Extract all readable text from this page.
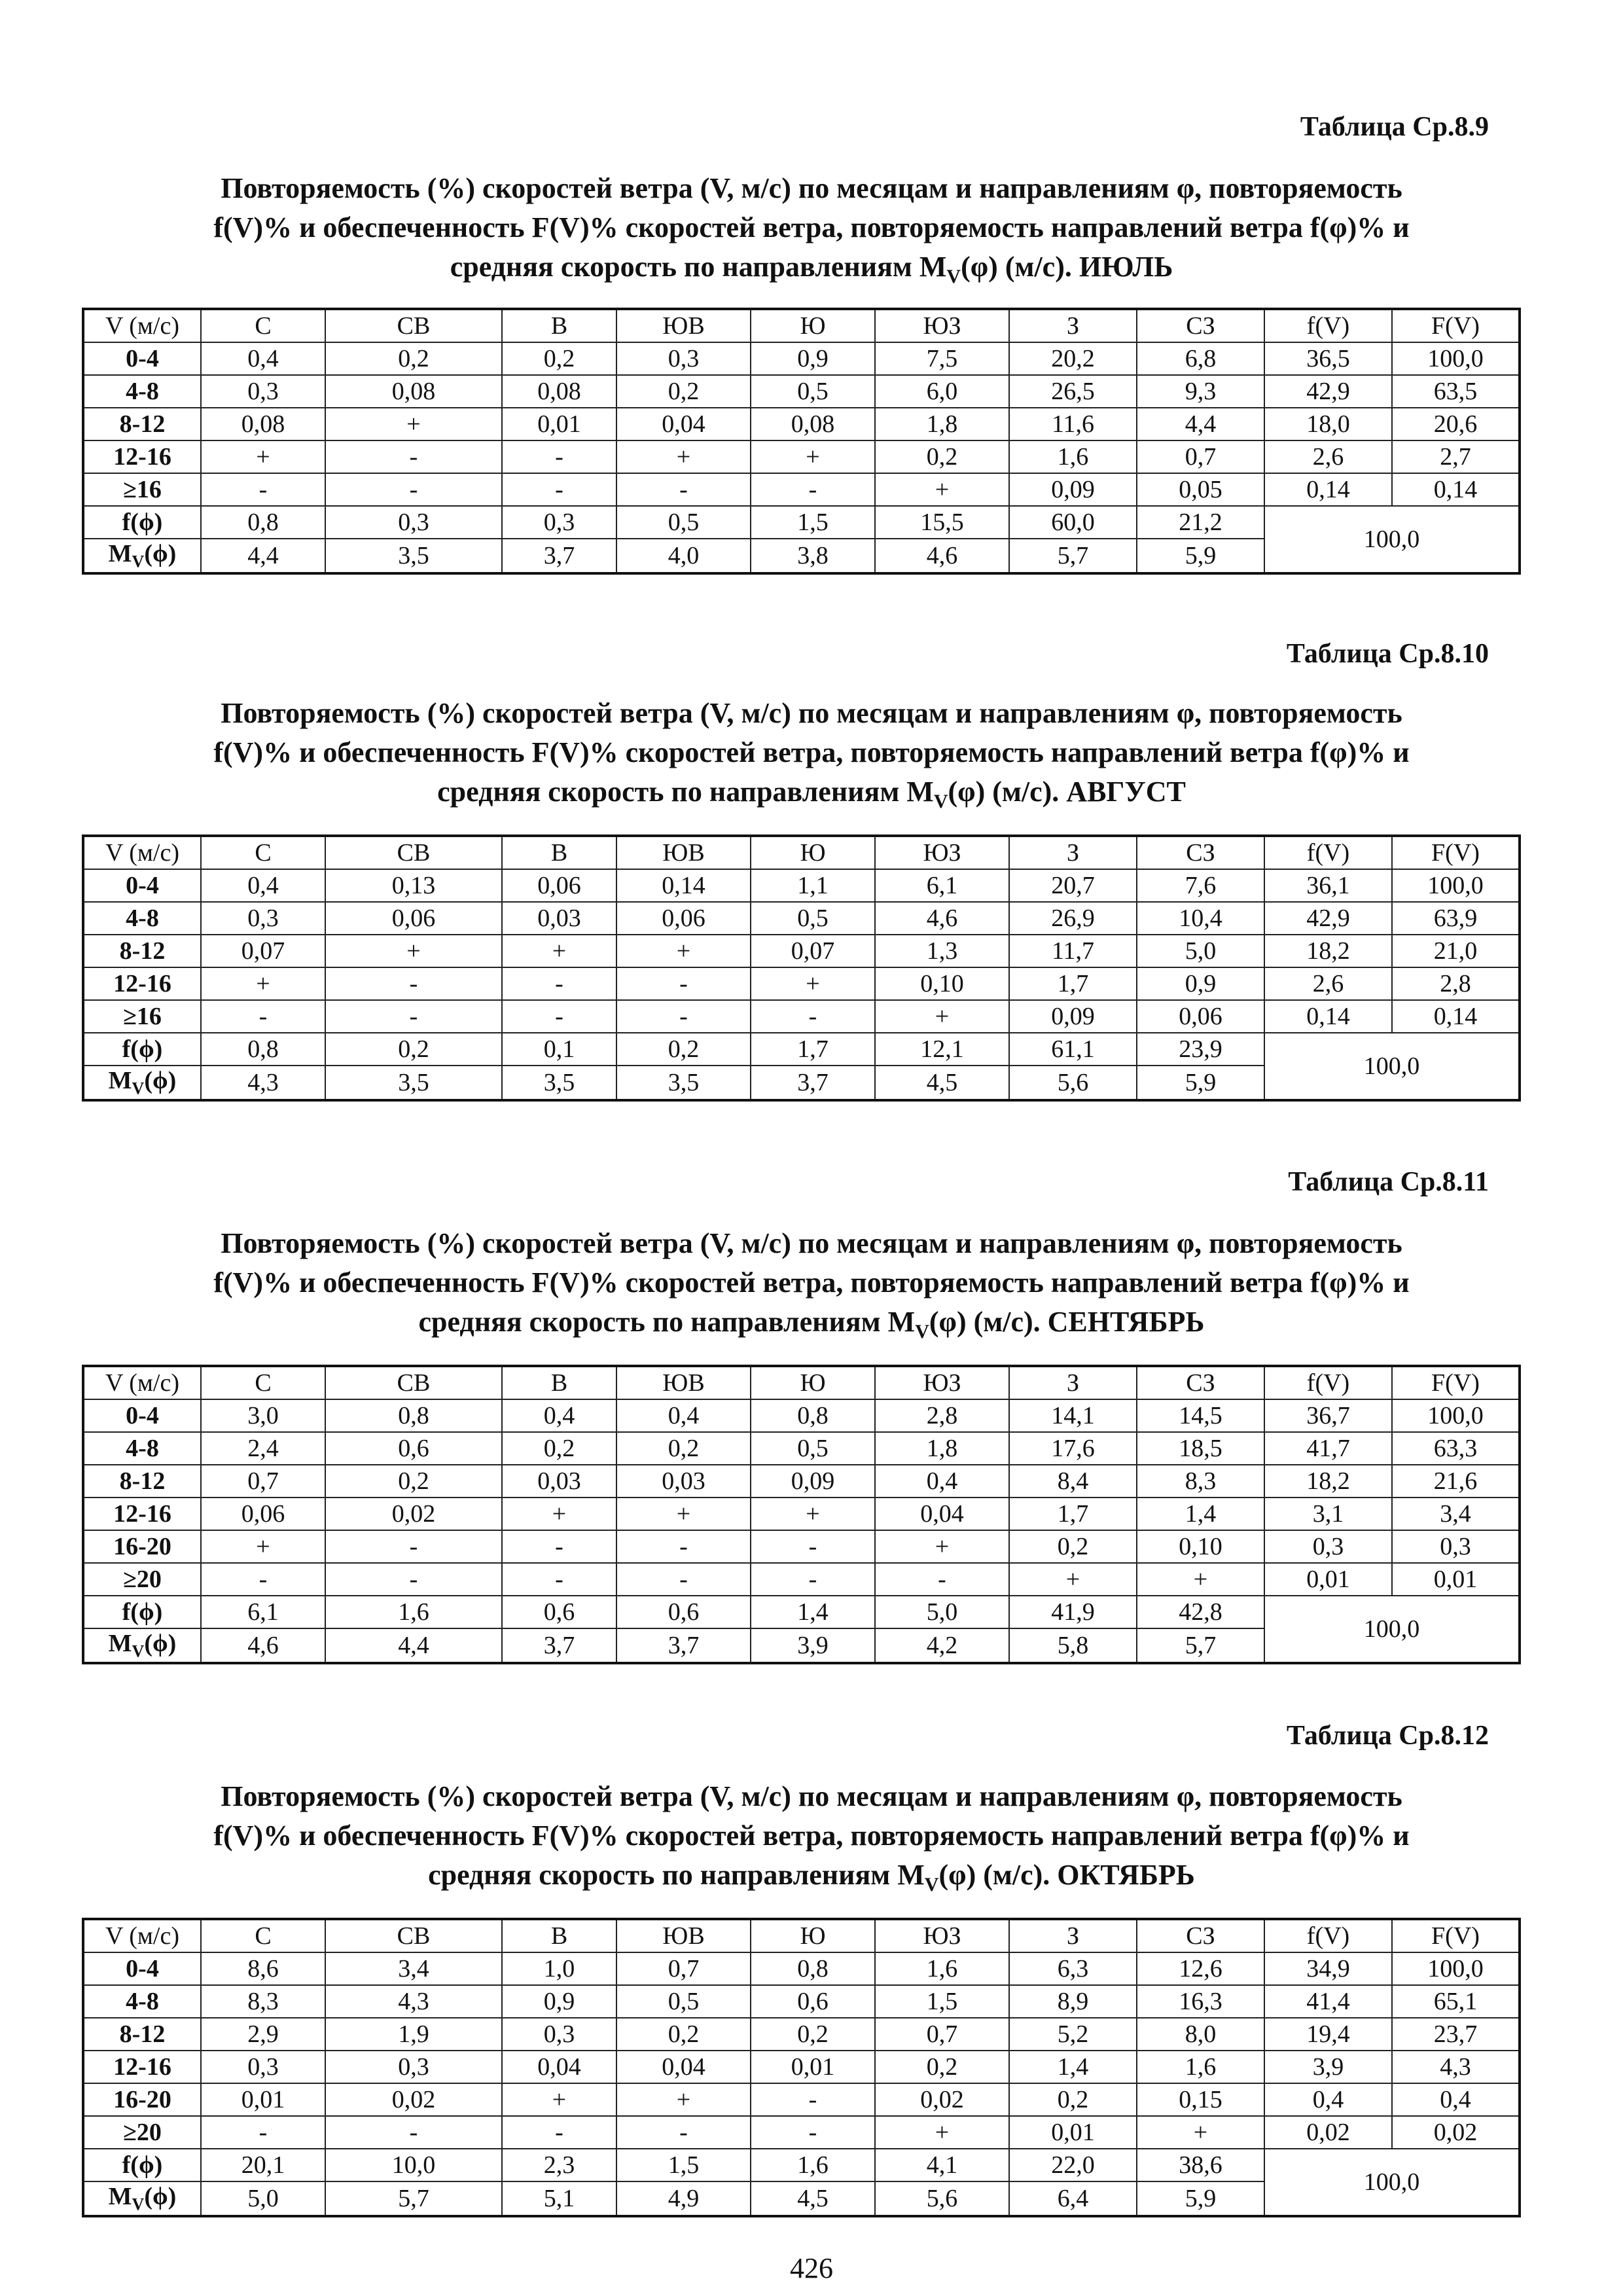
Таблица Ср.8.9
Повторяемость (%) скоростей ветра (V, м/с) по месяцам и направлениям φ, повторяемость
f(V)% и обеспеченность F(V)% скоростей ветра, повторяемость направлений ветра f(φ)% и
средняя скорость по направлениям $M_V(\varphi)$ (м/с). ИЮЛЬ
V (м/с)	С	СВ	В	ЮВ	Ю	ЮЗ	З	СЗ	f(V)	F(V)
0-4	0,4	0,2	0,2	0,3	0,9	7,5	20,2	6,8	36,5	100,0
4-8	0,3	0,08	0,08	0,2	0,5	6,0	26,5	9,3	42,9	63,5
8-12	0,08	+	0,01	0,04	0,08	1,8	11,6	4,4	18,0	20,6
12-16	+	-	-	+	+	0,2	1,6	0,7	2,6	2,7
≥16	-	-	-	-	-	+	0,09	0,05	0,14	0,14
f(ϕ)	0,8	0,3	0,3	0,5	1,5	15,5	60,0	21,2	100,0	
$M_V(\phi)$	4,4	3,5	3,7	4,0	3,8	4,6	5,7	5,9		
Таблица Ср.8.10
Повторяемость (%) скоростей ветра (V, м/с) по месяцам и направлениям φ, повторяемость
f(V)% и обеспеченность F(V)% скоростей ветра, повторяемость направлений ветра f(φ)% и
средняя скорость по направлениям $M_V(\varphi)$ (м/с). АВГУСТ
V (м/с)	С	СВ	В	ЮВ	Ю	ЮЗ	З	СЗ	f(V)	F(V)
0-4	0,4	0,13	0,06	0,14	1,1	6,1	20,7	7,6	36,1	100,0
4-8	0,3	0,06	0,03	0,06	0,5	4,6	26,9	10,4	42,9	63,9
8-12	0,07	+	+	+	0,07	1,3	11,7	5,0	18,2	21,0
12-16	+	-	-	-	+	0,10	1,7	0,9	2,6	2,8
≥16	-	-	-	-	-	+	0,09	0,06	0,14	0,14
f(ϕ)	0,8	0,2	0,1	0,2	1,7	12,1	61,1	23,9	100,0	
$M_V(\phi)$	4,3	3,5	3,5	3,5	3,7	4,5	5,6	5,9		
Таблица Ср.8.11
Повторяемость (%) скоростей ветра (V, м/с) по месяцам и направлениям φ, повторяемость
f(V)% и обеспеченность F(V)% скоростей ветра, повторяемость направлений ветра f(φ)% и
средняя скорость по направлениям $M_V(\varphi)$ (м/с). СЕНТЯБРЬ
V (м/с)	С	СВ	В	ЮВ	Ю	ЮЗ	З	СЗ	f(V)	F(V)
0-4	3,0	0,8	0,4	0,4	0,8	2,8	14,1	14,5	36,7	100,0
4-8	2,4	0,6	0,2	0,2	0,5	1,8	17,6	18,5	41,7	63,3
8-12	0,7	0,2	0,03	0,03	0,09	0,4	8,4	8,3	18,2	21,6
12-16	0,06	0,02	+	+	+	0,04	1,7	1,4	3,1	3,4
16-20	+	-	-	-	-	+	0,2	0,10	0,3	0,3
≥20	-	-	-	-	-	-	+	+	0,01	0,01
f(ϕ)	6,1	1,6	0,6	0,6	1,4	5,0	41,9	42,8	100,0	
$M_V(\phi)$	4,6	4,4	3,7	3,7	3,9	4,2	5,8	5,7		
Таблица Ср.8.12
Повторяемость (%) скоростей ветра (V, м/с) по месяцам и направлениям φ, повторяемость
f(V)% и обеспеченность F(V)% скоростей ветра, повторяемость направлений ветра f(φ)% и
средняя скорость по направлениям $M_V(\varphi)$ (м/с). ОКТЯБРЬ
V (м/с)	С	СВ	В	ЮВ	Ю	ЮЗ	З	СЗ	f(V)	F(V)
0-4	8,6	3,4	1,0	0,7	0,8	1,6	6,3	12,6	34,9	100,0
4-8	8,3	4,3	0,9	0,5	0,6	1,5	8,9	16,3	41,4	65,1
8-12	2,9	1,9	0,3	0,2	0,2	0,7	5,2	8,0	19,4	23,7
12-16	0,3	0,3	0,04	0,04	0,01	0,2	1,4	1,6	3,9	4,3
16-20	0,01	0,02	+	+	-	0,02	0,2	0,15	0,4	0,4
≥20	-	-	-	-	-	+	0,01	+	0,02	0,02
f(ϕ)	20,1	10,0	2,3	1,5	1,6	4,1	22,0	38,6	100,0	
$M_V(\phi)$	5,0	5,7	5,1	4,9	4,5	5,6	6,4	5,9		
426
